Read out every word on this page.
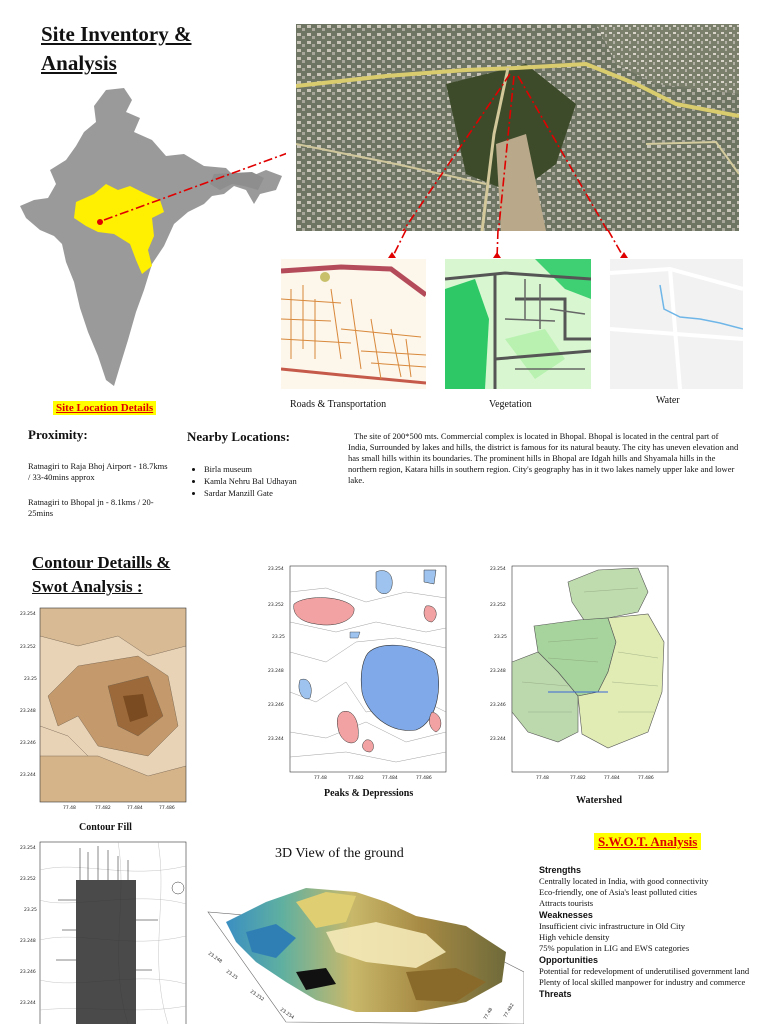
Site Inventory &
Analysis
Site Location Details	Roads & Transportation	Vegetation	Water
Proximity:
Ratnagiri to Raja Bhoj Airport - 18.7kms / 33-40mins approx
Ratnagiri to Bhopal jn - 8.1kms / 20-25mins
Nearby Locations:
• Birla museum
• Kamla Nehru Bal Udhayan
• Sardar Manzill Gate
The site of 200*500 mts. Commercial complex is located in Bhopal. Bhopal is located in the central part of India, Surrounded by lakes and hills, the district is famous for its natural beauty. The city has uneven elevation and has small hills within its boundaries. The prominent hills in Bhopal are Idgah hills and Shyamala hills in the northern region, Katara hills in southern region. City's geography has in it two lakes namely upper lake and lower lake.
Contour Detaills &
Swot Analysis :
23.254
23.252
23.25
23.248
23.246
23.244
77.48	77.482	77.484	77.486
Contour Fill
23.254
23.252
23.25
23.248
23.246
23.244
77.48	77.482	77.484	77.486
Peaks & Depressions
23.254
23.252
23.25
23.248
23.246
23.244
77.48	77.482	77.484	77.486
Watershed
23.254
23.252
23.25
23.248
23.246
23.244
3D View of the ground
23.248
23.25
23.252
23.254	77.48 77.482
S.W.O.T. Analysis
Strengths
Centrally located in India, with good connectivity
Eco-friendly, one of Asia's least polluted cities
Attracts tourists
Weaknesses
Insufficient civic infrastructure in Old City
High vehicle density
75% population in LIG and EWS categories
Opportunities
Potential for redevelopment of underutilised government land
Plenty of local skilled manpower for industry and commerce
Threats
